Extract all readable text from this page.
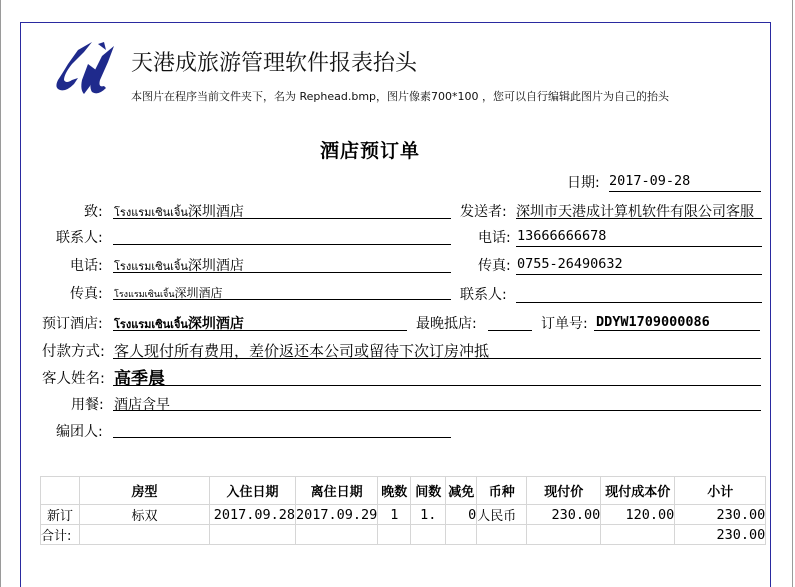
天港成旅游管理软件报表抬头
本图片在程序当前文件夹下，名为 Rephead.bmp，图片像素700*100 ，您可以自行编辑此图片为自己的抬头
酒店预订单
日期: 2017-09-28
致: โรงแรมเซินเจิ้น深圳酒店	发送者: 深圳市天港成计算机软件有限公司客服
联系人:	电话: 13666666678
电话: โรงแรมเซินเจิ้น深圳酒店	传真: 0755-26490632
传真: โรงแรมเซินเจิ้น深圳酒店	联系人:
预订酒店: โรงแรมเซินเจิ้น深圳酒店	最晚抵店:	订单号: DDYW1709000086
付款方式: 客人现付所有费用，差价返还本公司或留待下次订房冲抵
客人姓名: 高季晨
用餐: 酒店含早
编团人:
	房型	入住日期	离住日期	晚数	间数	减免	币种	现付价	现付成本价	小计
新订	标双	2017.09.28	2017.09.29	1	1.	0	人民币	230.00	120.00	230.00
合计:										230.00
